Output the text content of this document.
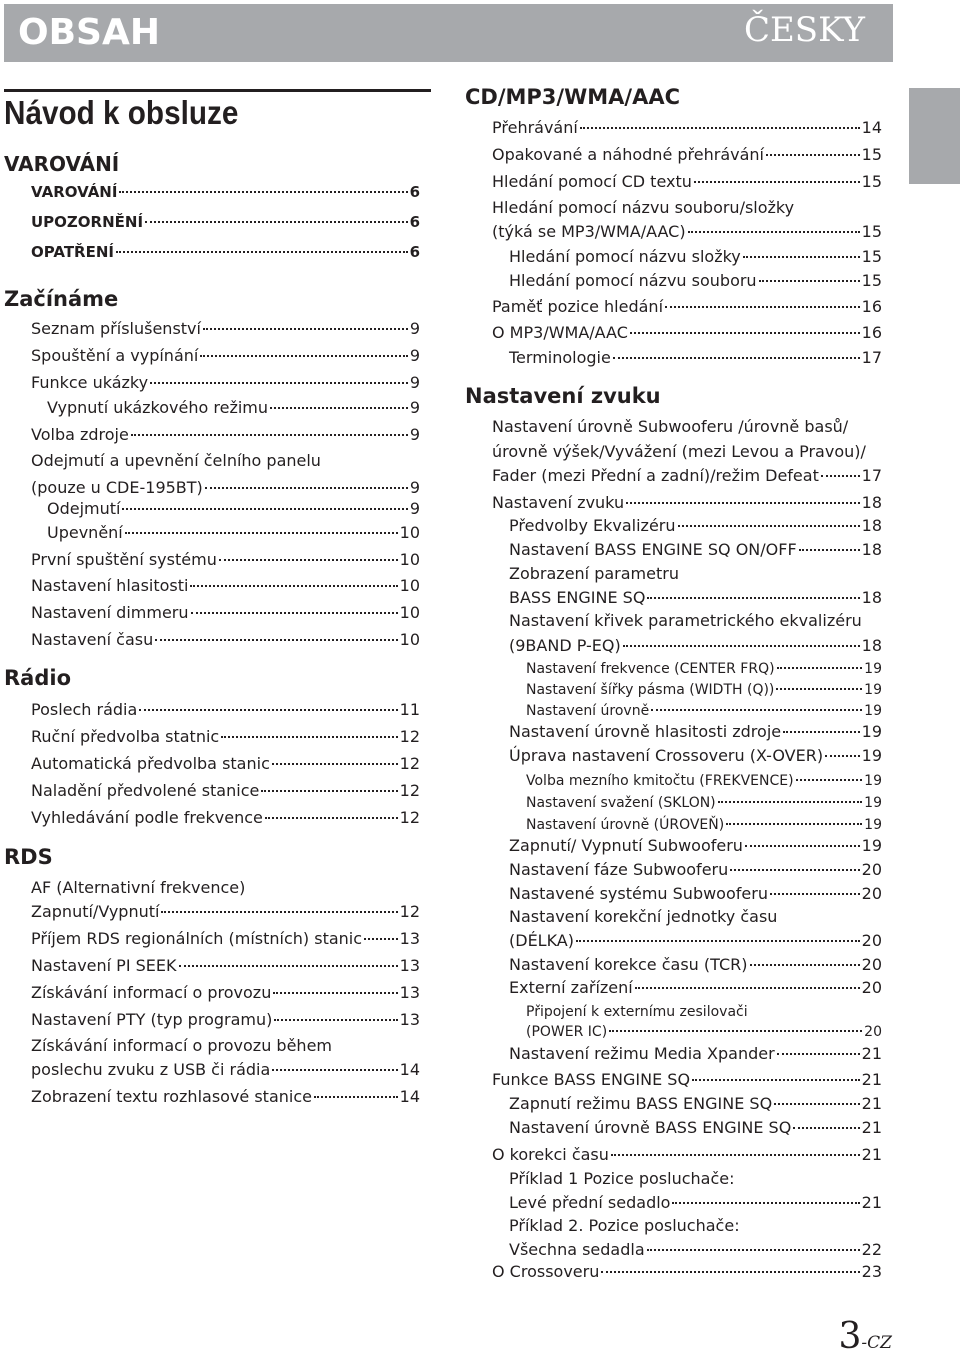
OBSAH	ČESKY
Návod k obsluze
VAROVÁNÍ
VAROVÁNÍ	6
UPOZORNĚNÍ	6
OPATŘENÍ	6
Začínáme
Seznam příslušenství	9
Spouštění a vypínání	9
Funkce ukázky	9
Vypnutí ukázkového režimu	9
Volba zdroje	9
Odejmutí a upevnění čelního panelu
(pouze u CDE-195BT)	9
Odejmutí	9
Upevnění	10
První spuštění systému	10
Nastavení hlasitosti	10
Nastavení dimmeru	10
Nastavení času	10
Rádio
Poslech rádia	11
Ruční předvolba statnic	12
Automatická předvolba stanic	12
Naladění předvolené stanice	12
Vyhledávání podle frekvence	12
RDS
AF (Alternativní frekvence)
Zapnutí/Vypnutí	12
Příjem RDS regionálních (místních) stanic 13
Nastavení PI SEEK	13
Získávání informací o provozu	13
Nastavení PTY (typ programu)	13
Získávání informací o provozu během
poslechu zvuku z USB či rádia	14
Zobrazení textu rozhlasové stanice	14
CD/MP3/WMA/AAC
Přehrávání	14
Opakované a náhodné přehrávání	15
Hledání pomocí CD textu	15
Hledání pomocí názvu souboru/složky
(týká se MP3/WMA/AAC)	15
Hledání pomocí názvu složky	15
Hledání pomocí názvu souboru	15
Paměť pozice hledání	16
O MP3/WMA/AAC	16
Terminologie	17
Nastavení zvuku
Nastavení úrovně Subwooferu /úrovně basů/
úrovně výšek/Vyvážení (mezi Levou a Pravou)/
Fader (mezi Přední a zadní)/režim Defeat	17
Nastavení zvuku	18
Předvolby Ekvalizéru	18
Nastavení BASS ENGINE SQ ON/OFF	18
Zobrazení parametru
BASS ENGINE SQ	18
Nastavení křivek parametrického ekvalizéru
(9BAND P-EQ)	18
Nastavení frekvence (CENTER FRQ)	19
Nastavení šířky pásma (WIDTH (Q))	19
Nastavení úrovně	19
Nastavení úrovně hlasitosti zdroje	19
Úprava nastavení Crossoveru (X-OVER) 19
Volba mezního kmitočtu (FREKVENCE)	19
Nastavení svažení (SKLON)	19
Nastavení úrovně (ÚROVEŇ)	19
Zapnutí/ Vypnutí Subwooferu	19
Nastavení fáze Subwooferu	20
Nastavené systému Subwooferu	20
Nastavení korekční jednotky času
(DÉLKA)	20
Nastavení korekce času (TCR)	20
Externí zařízení	20
Připojení k externímu zesilovači
(POWER IC)	20
Nastavení režimu Media Xpander	21
Funkce BASS ENGINE SQ	21
Zapnutí režimu BASS ENGINE SQ	21
Nastavení úrovně BASS ENGINE SQ	21
O korekci času	21
Příklad 1 Pozice posluchače:
Levé přední sedadlo	21
Příklad 2. Pozice posluchače:
Všechna sedadla	22
O Crossoveru	23
3-CZ
